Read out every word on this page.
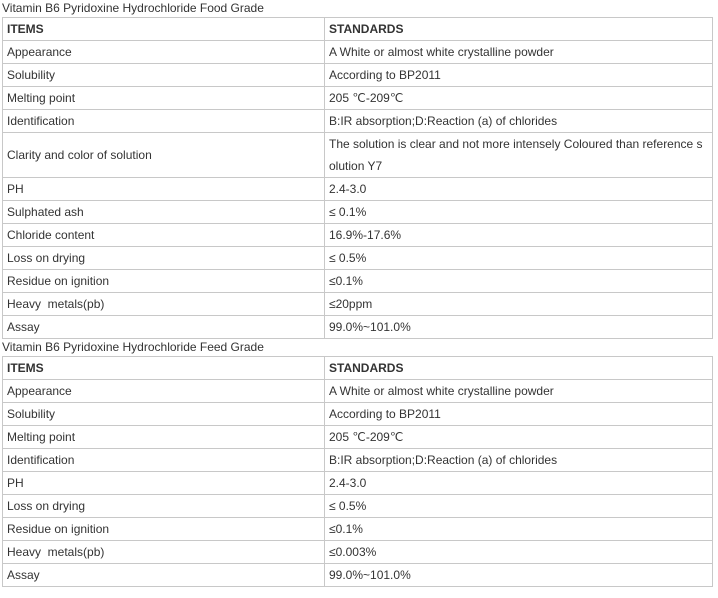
Vitamin B6 Pyridoxine Hydrochloride Food Grade
ITEMS	STANDARDS
Appearance	A White or almost white crystalline powder
Solubility	According to BP2011
Melting point	205 ℃-209℃
Identification	B:IR absorption;D:Reaction (a) of chlorides
Clarity and color of solution	The solution is clear and not more intensely Coloured than reference solution Y7
PH	2.4-3.0
Sulphated ash	≤ 0.1%
Chloride content	16.9%-17.6%
Loss on drying	≤ 0.5%
Residue on ignition	≤0.1%
Heavy  metals(pb)	≤20ppm
Assay	99.0%~101.0%
Vitamin B6 Pyridoxine Hydrochloride Feed Grade
ITEMS	STANDARDS
Appearance	A White or almost white crystalline powder
Solubility	According to BP2011
Melting point	205 ℃-209℃
Identification	B:IR absorption;D:Reaction (a) of chlorides
PH	2.4-3.0
Loss on drying	≤ 0.5%
Residue on ignition	≤0.1%
Heavy  metals(pb)	≤0.003%
Assay	99.0%~101.0%
